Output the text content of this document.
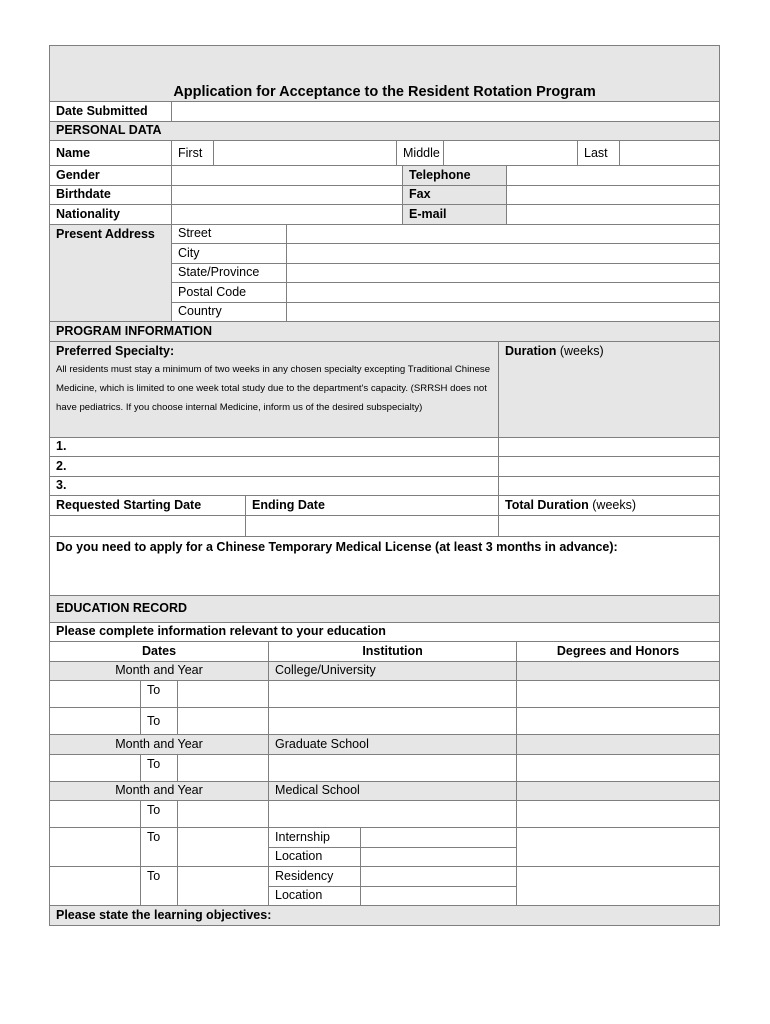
Application for Acceptance to the Resident Rotation Program						
Date Submitted						
PERSONAL DATA						
Name	First		Middle		Last	
Gender		Telephone	
Birthdate		Fax	
Nationality		E-mail	
Present Address	Street	
	City	
	State/Province	
	Postal Code	
	Country	
PROGRAM INFORMATION		

Preferred Specialty:
All residents must stay a minimum of two weeks in any chosen specialty excepting Traditional Chinese Medicine, which is limited to one week total study due to the department's capacity. (SRRSH does not have pediatrics. If you choose internal Medicine, inform us of the desired subspecialty)		Duration (weeks)
1.		
2.		
3.		
Requested Starting Date	Ending Date	Total Duration (weeks)

Do you need to apply for a Chinese Temporary Medical License (at least 3 months in advance):		
EDUCATION RECORD		
Please complete information relevant to your education		
Dates			Institution		Degrees and Honors
Month and Year			College/University		
	To				
	To				
Month and Year			Graduate School		
	To				
Month and Year			Medical School		
	To				
	To		Internship		
			Location		
	To		Residency		
			Location		
Please state the learning objectives:					
